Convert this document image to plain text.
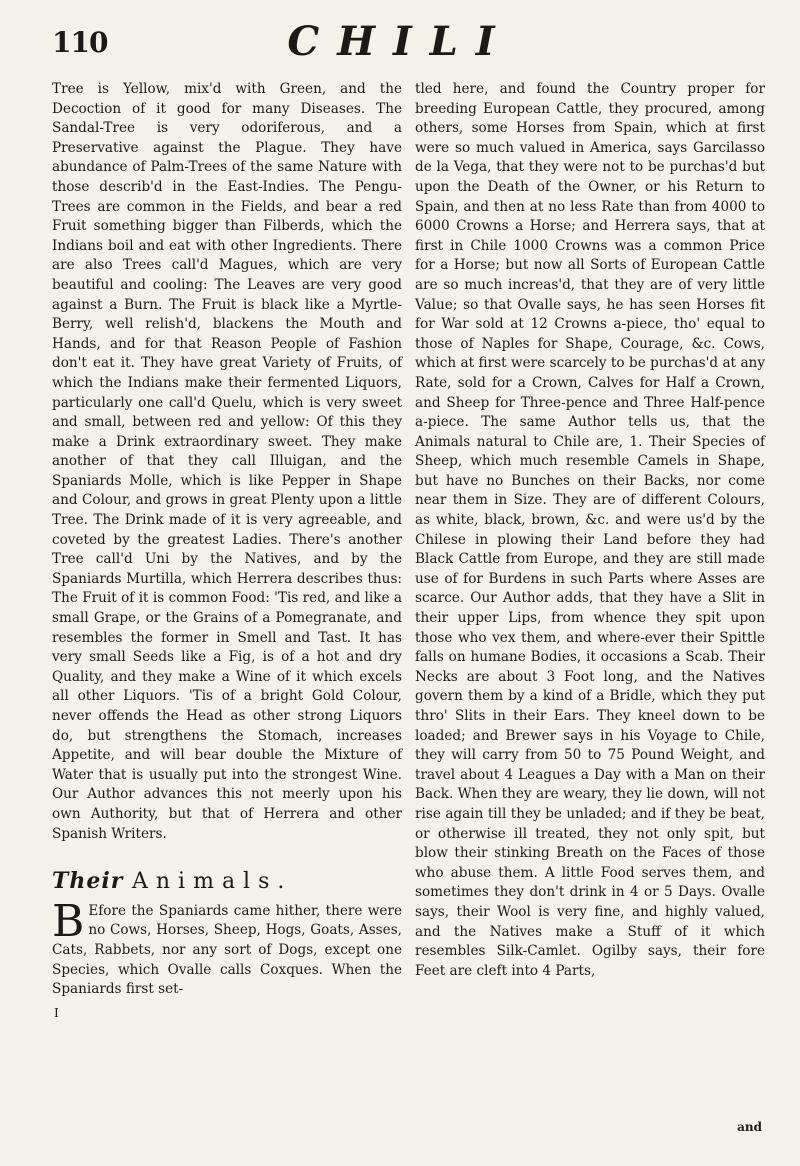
110	CHILI

Tree is Yellow, mix'd with Green, and the Decoction of it good for many Diseases. The Sandal-Tree is very odoriferous, and a Preservative against the Plague. They have abundance of Palm-Trees of the same Nature with those describ'd in the East-Indies. The Pengu-Trees are common in the Fields, and bear a red Fruit something bigger than Filberds, which the Indians boil and eat with other Ingredients. There are also Trees call'd Magues, which are very beautiful and cooling: The Leaves are very good against a Burn. The Fruit is black like a Myrtle-Berry, well relish'd, blackens the Mouth and Hands, and for that Reason People of Fashion don't eat it. They have great Variety of Fruits, of which the Indians make their fermented Liquors, particularly one call'd Quelu, which is very sweet and small, between red and yellow: Of this they make a Drink extraordinary sweet. They make another of that they call Illuigan, and the Spaniards Molle, which is like Pepper in Shape and Colour, and grows in great Plenty upon a little Tree. The Drink made of it is very agreeable, and coveted by the greatest Ladies. There's another Tree call'd Uni by the Natives, and by the Spaniards Murtilla, which Herrera describes thus: The Fruit of it is common Food: 'Tis red, and like a small Grape, or the Grains of a Pomegranate, and resembles the former in Smell and Tast. It has very small Seeds like a Fig, is of a hot and dry Quality, and they make a Wine of it which excels all other Liquors. 'Tis of a bright Gold Colour, never offends the Head as other strong Liquors do, but strengthens the Stomach, increases Appetite, and will bear double the Mixture of Water that is usually put into the strongest Wine. Our Author advances this not meerly upon his own Authority, but that of Herrera and other Spanish Writers.

Their Animals.

BEfore the Spaniards came hither, there were no Cows, Horses, Sheep, Hogs, Goats, Asses, Cats, Rabbets, nor any sort of Dogs, except one Species, which Ovalle calls Coxques. When the Spaniards first set-

I

tled here, and found the Country proper for breeding European Cattle, they procured, among others, some Horses from Spain, which at first were so much valued in America, says Garcilasso de la Vega, that they were not to be purchas'd but upon the Death of the Owner, or his Return to Spain, and then at no less Rate than from 4000 to 6000 Crowns a Horse; and Herrera says, that at first in Chile 1000 Crowns was a common Price for a Horse; but now all Sorts of European Cattle are so much increas'd, that they are of very little Value; so that Ovalle says, he has seen Horses fit for War sold at 12 Crowns a-piece, tho' equal to those of Naples for Shape, Courage, &c. Cows, which at first were scarcely to be purchas'd at any Rate, sold for a Crown, Calves for Half a Crown, and Sheep for Three-pence and Three Half-pence a-piece. The same Author tells us, that the Animals natural to Chile are, 1. Their Species of Sheep, which much resemble Camels in Shape, but have no Bunches on their Backs, nor come near them in Size. They are of different Colours, as white, black, brown, &c. and were us'd by the Chilese in plowing their Land before they had Black Cattle from Europe, and they are still made use of for Burdens in such Parts where Asses are scarce. Our Author adds, that they have a Slit in their upper Lips, from whence they spit upon those who vex them, and where-ever their Spittle falls on humane Bodies, it occasions a Scab. Their Necks are about 3 Foot long, and the Natives govern them by a kind of a Bridle, which they put thro' Slits in their Ears. They kneel down to be loaded; and Brewer says in his Voyage to Chile, they will carry from 50 to 75 Pound Weight, and travel about 4 Leagues a Day with a Man on their Back. When they are weary, they lie down, will not rise again till they be unladed; and if they be beat, or otherwise ill treated, they not only spit, but blow their stinking Breath on the Faces of those who abuse them. A little Food serves them, and sometimes they don't drink in 4 or 5 Days. Ovalle says, their Wool is very fine, and highly valued, and the Natives make a Stuff of it which resembles Silk-Camlet. Ogilby says, their fore Feet are cleft into 4 Parts,

and
